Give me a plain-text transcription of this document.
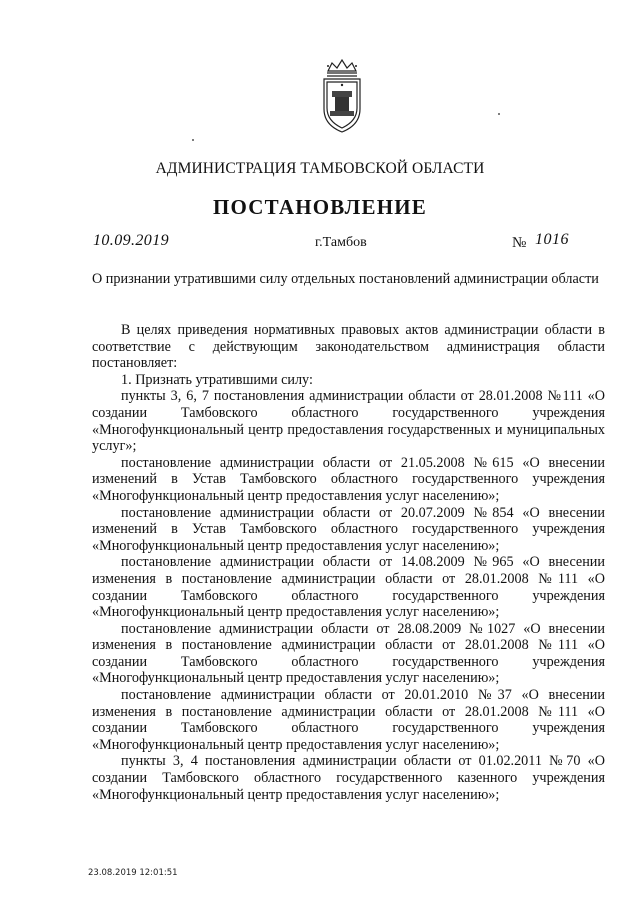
АДМИНИСТРАЦИЯ ТАМБОВСКОЙ ОБЛАСТИ
ПОСТАНОВЛЕНИЕ
10.09.2019	г.Тамбов	№ 1016

О признании утратившими силу отдельных постановлений администрации области

В целях приведения нормативных правовых актов администрации области в соответствие с действующим законодательством администрация области постановляет:

1. Признать утратившими силу:

пункты 3, 6, 7 постановления администрации области от 28.01.2008 №111 «О создании Тамбовского областного государственного учреждения «Многофункциональный центр предоставления государственных и муниципальных услуг»;

постановление администрации области от 21.05.2008 №615 «О внесении изменений в Устав Тамбовского областного государственного учреждения «Многофункциональный центр предоставления услуг населению»;

постановление администрации области от 20.07.2009 №854 «О внесении изменений в Устав Тамбовского областного государственного учреждения «Многофункциональный центр предоставления услуг населению»;

постановление администрации области от 14.08.2009 №965 «О внесении изменения в постановление администрации области от 28.01.2008 №111 «О создании Тамбовского областного государственного учреждения «Многофункциональный центр предоставления услуг населению»;

постановление администрации области от 28.08.2009 №1027 «О внесении изменения в постановление администрации области от 28.01.2008 №111 «О создании Тамбовского областного государственного учреждения «Многофункциональный центр предоставления услуг населению»;

постановление администрации области от 20.01.2010 №37 «О внесении изменения в постановление администрации области от 28.01.2008 №111 «О создании Тамбовского областного государственного учреждения «Многофункциональный центр предоставления услуг населению»;

пункты 3, 4 постановления администрации области от 01.02.2011 №70 «О создании Тамбовского областного государственного казенного учреждения «Многофункциональный центр предоставления услуг населению»;

23.08.2019 12:01:51
